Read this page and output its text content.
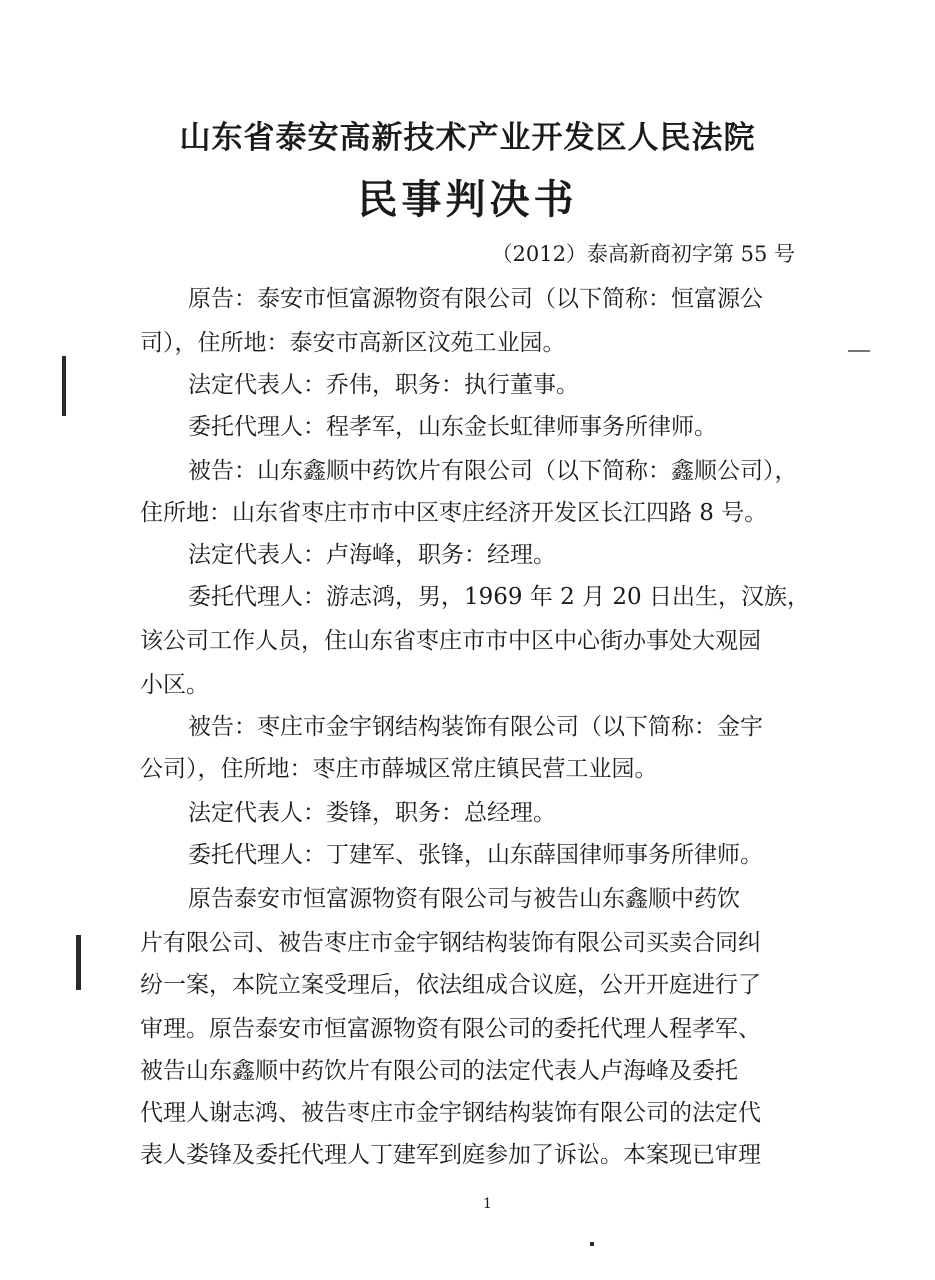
山东省泰安高新技术产业开发区人民法院
民事判决书
（2012）泰高新商初字第 55 号
原告：泰安市恒富源物资有限公司（以下简称：恒富源公
司），住所地：泰安市高新区汶苑工业园。
法定代表人：乔伟，职务：执行董事。
委托代理人：程孝军，山东金长虹律师事务所律师。
被告：山东鑫顺中药饮片有限公司（以下简称：鑫顺公司），
住所地：山东省枣庄市市中区枣庄经济开发区长江四路 8 号。
法定代表人：卢海峰，职务：经理。
委托代理人：游志鸿，男，1969 年 2 月 20 日出生，汉族，
该公司工作人员，住山东省枣庄市市中区中心街办事处大观园
小区。
被告：枣庄市金宇钢结构装饰有限公司（以下简称：金宇
公司），住所地：枣庄市薛城区常庄镇民营工业园。
法定代表人：娄锋，职务：总经理。
委托代理人：丁建军、张锋，山东薛国律师事务所律师。
原告泰安市恒富源物资有限公司与被告山东鑫顺中药饮
片有限公司、被告枣庄市金宇钢结构装饰有限公司买卖合同纠
纷一案，本院立案受理后，依法组成合议庭，公开开庭进行了
审理。原告泰安市恒富源物资有限公司的委托代理人程孝军、
被告山东鑫顺中药饮片有限公司的法定代表人卢海峰及委托
代理人谢志鸿、被告枣庄市金宇钢结构装饰有限公司的法定代
表人娄锋及委托代理人丁建军到庭参加了诉讼。本案现已审理
1
